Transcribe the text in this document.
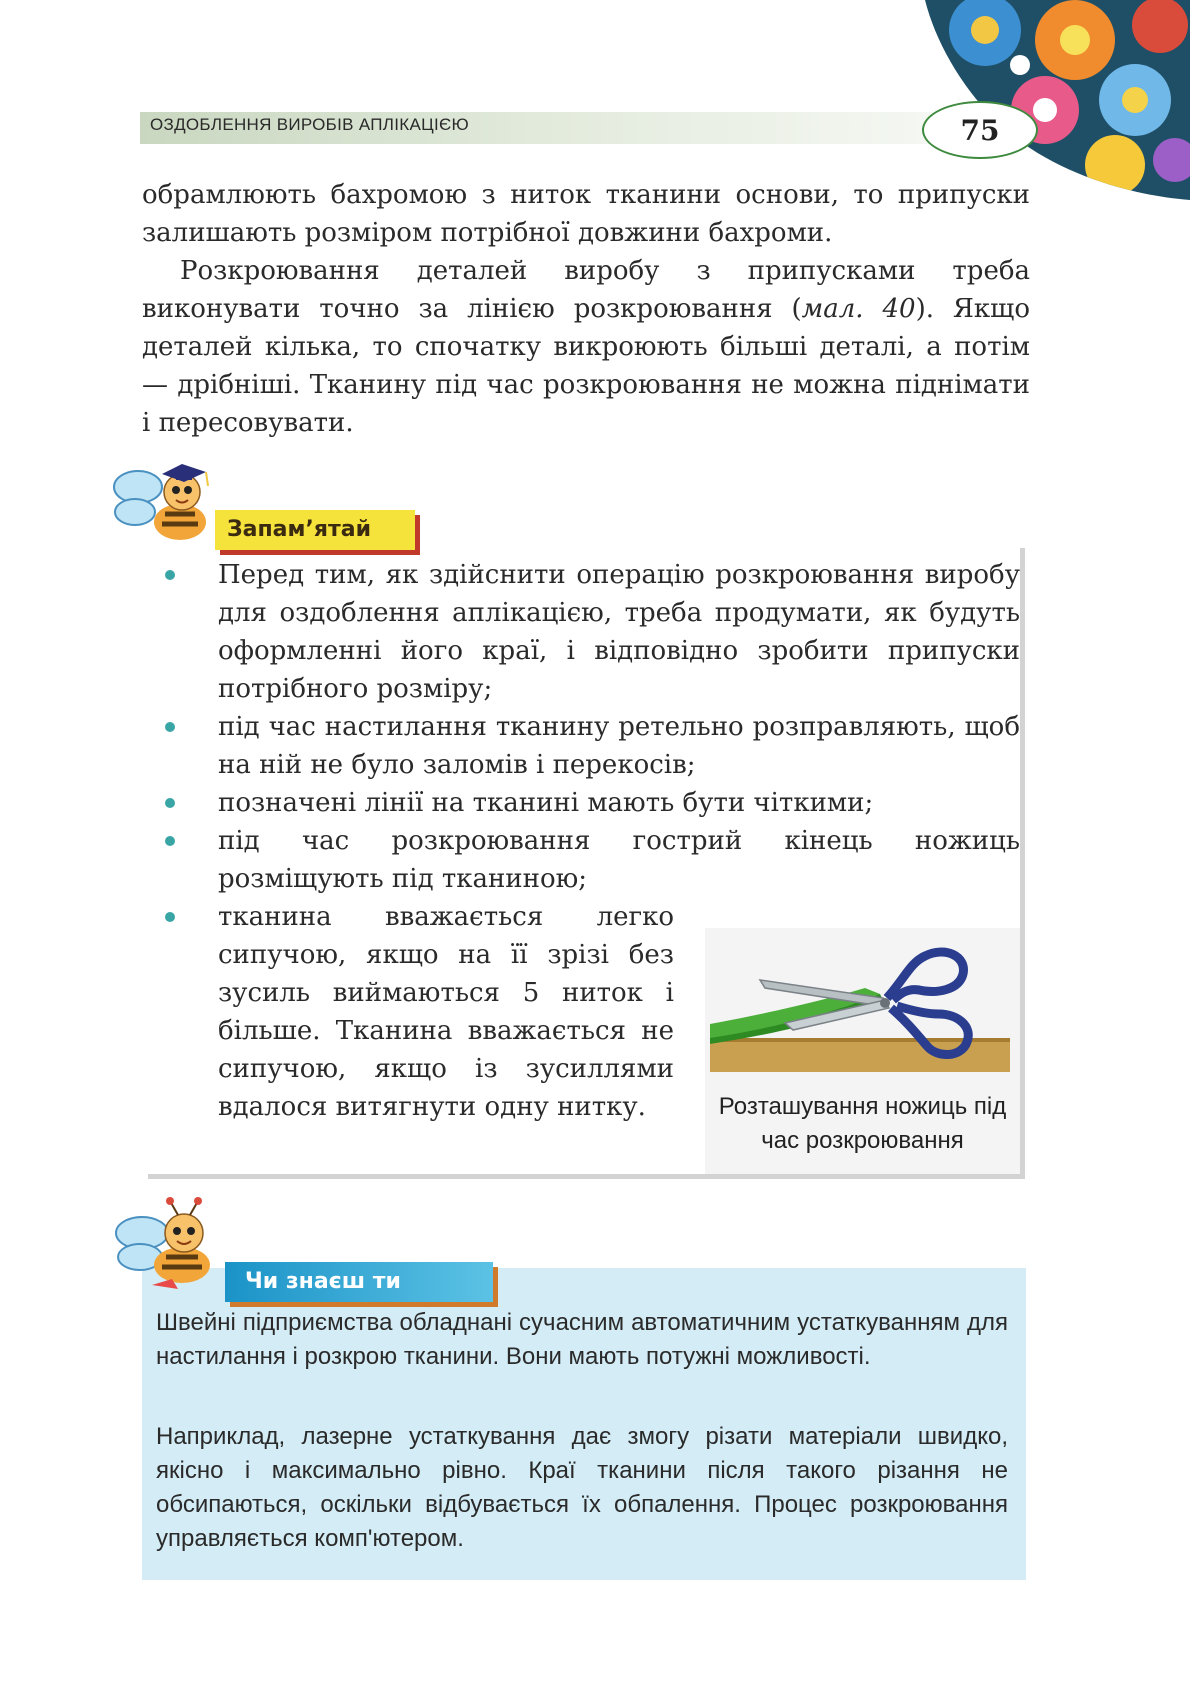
ОЗДОБЛЕННЯ ВИРОБІВ АПЛІКАЦІЄЮ	75

обрамлюють бахромою з ниток тканини основи, то припуски залишають розміром потрібної довжини бахроми.

Розкроювання деталей виробу з припусками треба виконувати точно за лінією розкроювання (мал. 40). Якщо деталей кілька, то спочатку викроюють більші деталі, а потім — дрібніші. Тканину під час розкроювання не можна піднімати і пересовувати.

Запам’ятай

Перед тим, як здійснити операцію розкроювання виробу для оздоблення аплікацією, треба продумати, як будуть оформленні його краї, і відповідно зробити припуски потрібного розміру;

під час настилання тканину ретельно розправляють, щоб на ній не було заломів і перекосів;

позначені лінії на тканині мають бути чіткими;

під час розкроювання гострий кінець ножиць розміщують під тканиною;

тканина вважається легко сипучою, якщо на її зрізі без зусиль виймаються 5 ниток і більше. Тканина вважається не сипучою, якщо із зусиллями вдалося витягнути одну нитку.	Розташування ножиць під час розкроювання
Чи знаєш ти

Швейні підприємства обладнані сучасним автоматичним устаткуванням для настилання і розкрою тканини. Вони мають потужні можливості.

Наприклад, лазерне устаткування дає змогу різати матеріали швидко, якісно і максимально рівно. Краї тканини після такого різання не обсипаються, оскільки відбувається їх обпалення. Процес розкроювання управляється комп'ютером.
